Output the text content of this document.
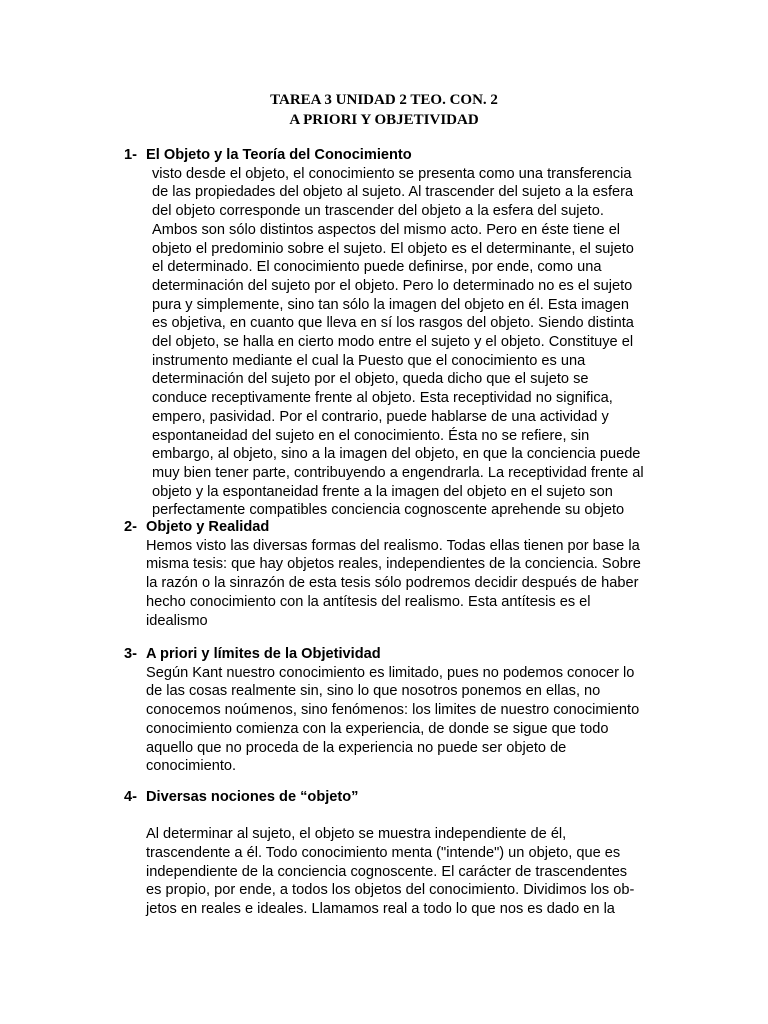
TAREA 3 UNIDAD 2 TEO. CON. 2
A PRIORI Y OBJETIVIDAD
1- El Objeto y la Teoría del Conocimiento
visto desde el objeto, el conocimiento se presenta como una transferencia
de las propiedades del objeto al sujeto. Al trascender del sujeto a la esfera
del objeto corresponde un trascender del objeto a la esfera del sujeto.
Ambos son sólo distintos aspectos del mismo acto. Pero en éste tiene el
objeto el predominio sobre el sujeto. El objeto es el determinante, el sujeto
el determinado. El conocimiento puede definirse, por ende, como una
determinación del sujeto por el objeto. Pero lo determinado no es el sujeto
pura y simplemente, sino tan sólo la imagen del objeto en él. Esta imagen
es objetiva, en cuanto que lleva en sí los rasgos del objeto. Siendo distinta
del objeto, se halla en cierto modo entre el sujeto y el objeto. Constituye el
instrumento mediante el cual la Puesto que el conocimiento es una
determinación del sujeto por el objeto, queda dicho que el sujeto se
conduce receptivamente frente al objeto. Esta receptividad no significa,
empero, pasividad. Por el contrario, puede hablarse de una actividad y
espontaneidad del sujeto en el conocimiento. Ésta no se refiere, sin
embargo, al objeto, sino a la imagen del objeto, en que la conciencia puede
muy bien tener parte, contribuyendo a engendrarla. La receptividad frente al
objeto y la espontaneidad frente a la imagen del objeto en el sujeto son
perfectamente compatibles conciencia cognoscente aprehende su objeto
2- Objeto y Realidad
Hemos visto las diversas formas del realismo. Todas ellas tienen por base la
misma tesis: que hay objetos reales, independientes de la conciencia. Sobre
la razón o la sinrazón de esta tesis sólo podremos decidir después de haber
hecho conocimiento con la antítesis del realismo. Esta antítesis es el
idealismo
3- A priori y límites de la Objetividad
Según Kant nuestro conocimiento es limitado, pues no podemos conocer lo
de las cosas realmente sin, sino lo que nosotros ponemos en ellas, no
conocemos noúmenos, sino fenómenos: los limites de nuestro conocimiento
conocimiento comienza con la experiencia, de donde se sigue que todo
aquello que no proceda de la experiencia no puede ser objeto de
conocimiento.
4- Diversas nociones de “objeto”
Al determinar al sujeto, el objeto se muestra independiente de él,
trascendente a él. Todo conocimiento menta ("intende") un objeto, que es
independiente de la conciencia cognoscente. El carácter de trascendentes
es propio, por ende, a todos los objetos del conocimiento. Dividimos los ob-
jetos en reales e ideales. Llamamos real a todo lo que nos es dado en la
